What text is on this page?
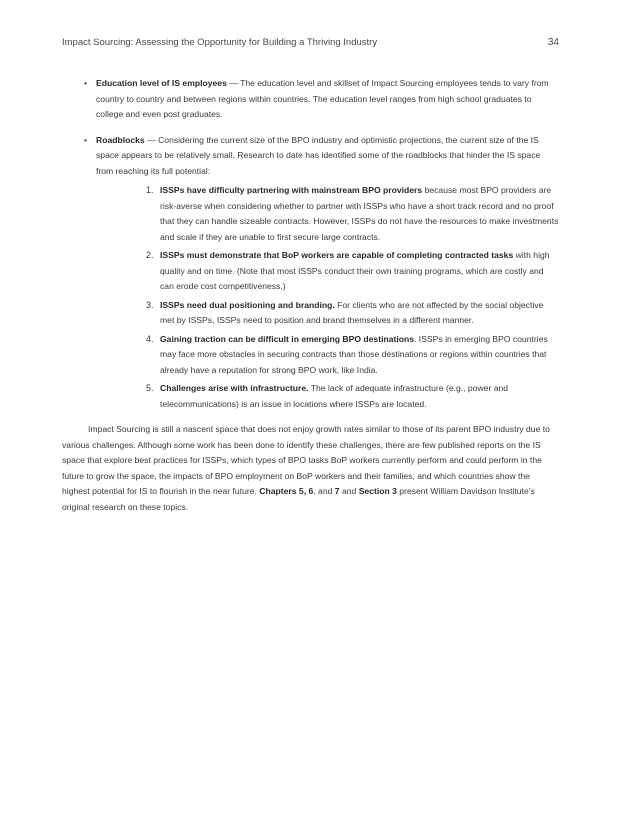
Impact Sourcing: Assessing the Opportunity for Building a Thriving Industry	34
• Education level of IS employees — The education level and skillset of Impact Sourcing employees tends to vary from country to country and between regions within countries. The education level ranges from high school graduates to college and even post graduates.
• Roadblocks — Considering the current size of the BPO industry and optimistic projections, the current size of the IS space appears to be relatively small. Research to date has identified some of the roadblocks that hinder the IS space from reaching its full potential:
1. ISSPs have difficulty partnering with mainstream BPO providers because most BPO providers are risk-averse when considering whether to partner with ISSPs who have a short track record and no proof that they can handle sizeable contracts. However, ISSPs do not have the resources to make investments and scale if they are unable to first secure large contracts.
2. ISSPs must demonstrate that BoP workers are capable of completing contracted tasks with high quality and on time. (Note that most ISSPs conduct their own training programs, which are costly and can erode cost competitiveness.)
3. ISSPs need dual positioning and branding. For clients who are not affected by the social objective met by ISSPs, ISSPs need to position and brand themselves in a different manner.
4. Gaining traction can be difficult in emerging BPO destinations. ISSPs in emerging BPO countries may face more obstacles in securing contracts than those destinations or regions within countries that already have a reputation for strong BPO work, like India.
5. Challenges arise with infrastructure. The lack of adequate infrastructure (e.g., power and telecommunications) is an issue in locations where ISSPs are located.

Impact Sourcing is still a nascent space that does not enjoy growth rates similar to those of its parent BPO industry due to various challenges. Although some work has been done to identify these challenges, there are few published reports on the IS space that explore best practices for ISSPs, which types of BPO tasks BoP workers currently perform and could perform in the future to grow the space, the impacts of BPO employment on BoP workers and their families, and which countries show the highest potential for IS to flourish in the near future. Chapters 5, 6, and 7 and Section 3 present William Davidson Institute’s original research on these topics.
